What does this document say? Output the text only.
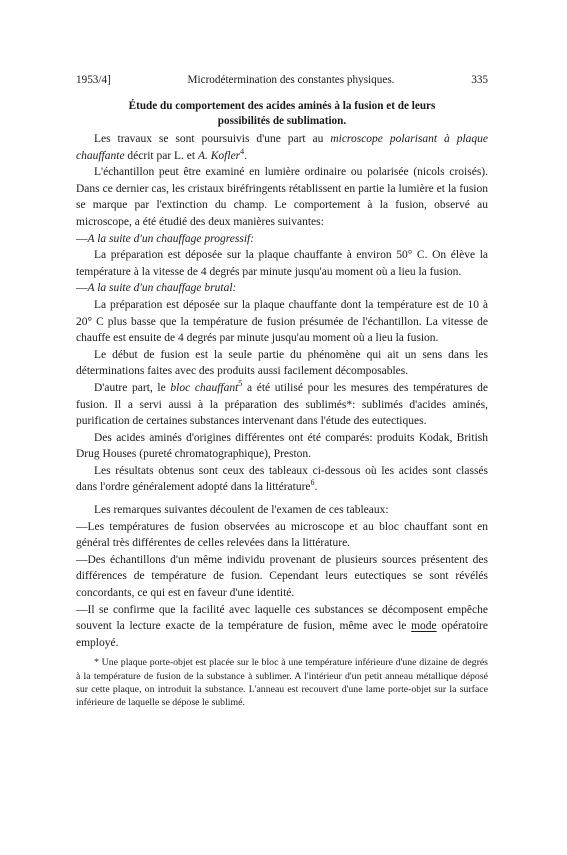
1953/4]	Microdétermination des constantes physiques.	335
Étude du comportement des acides aminés à la fusion et de leurs
possibilités de sublimation.

Les travaux se sont poursuivis d'une part au microscope polarisant à plaque chauffante décrit par L. et A. Kofler$^4$.

L'échantillon peut être examiné en lumière ordinaire ou polarisée (nicols croisés). Dans ce dernier cas, les cristaux biréfringents rétablissent en partie la lumière et la fusion se marque par l'extinction du champ. Le comportement à la fusion, observé au microscope, a été étudié des deux manières suivantes:

—A la suite d'un chauffage progressif:

La préparation est déposée sur la plaque chauffante à environ 50° C. On élève la température à la vitesse de 4 degrés par minute jusqu'au moment où a lieu la fusion.

—A la suite d'un chauffage brutal:

La préparation est déposée sur la plaque chauffante dont la température est de 10 à 20° C plus basse que la température de fusion présumée de l'échantillon. La vitesse de chauffe est ensuite de 4 degrés par minute jusqu'au moment où a lieu la fusion.

Le début de fusion est la seule partie du phénomène qui ait un sens dans les déterminations faites avec des produits aussi facilement décomposables.

D'autre part, le bloc chauffant$^5$ a été utilisé pour les mesures des températures de fusion. Il a servi aussi à la préparation des sublimés*: sublimés d'acides aminés, purification de certaines substances intervenant dans l'étude des eutectiques.

Des acides aminés d'origines différentes ont été comparés: produits Kodak, British Drug Houses (pureté chromatographique), Preston.

Les résultats obtenus sont ceux des tableaux ci-dessous où les acides sont classés dans l'ordre généralement adopté dans la littérature$^6$.

Les remarques suivantes découlent de l'examen de ces tableaux:

—Les températures de fusion observées au microscope et au bloc chauffant sont en général très différentes de celles relevées dans la littérature.

—Des échantillons d'un même individu provenant de plusieurs sources présentent des différences de température de fusion. Cependant leurs eutectiques se sont révélés concordants, ce qui est en faveur d'une identité.

—Il se confirme que la facilité avec laquelle ces substances se décomposent empêche souvent la lecture exacte de la température de fusion, même avec le mode opératoire employé.

* Une plaque porte-objet est placée sur le bloc à une température inférieure d'une dizaine de degrés à la température de fusion de la substance à sublimer. A l'intérieur d'un petit anneau métallique déposé sur cette plaque, on introduit la substance. L'anneau est recouvert d'une lame porte-objet sur la surface inférieure de laquelle se dépose le sublimé.
